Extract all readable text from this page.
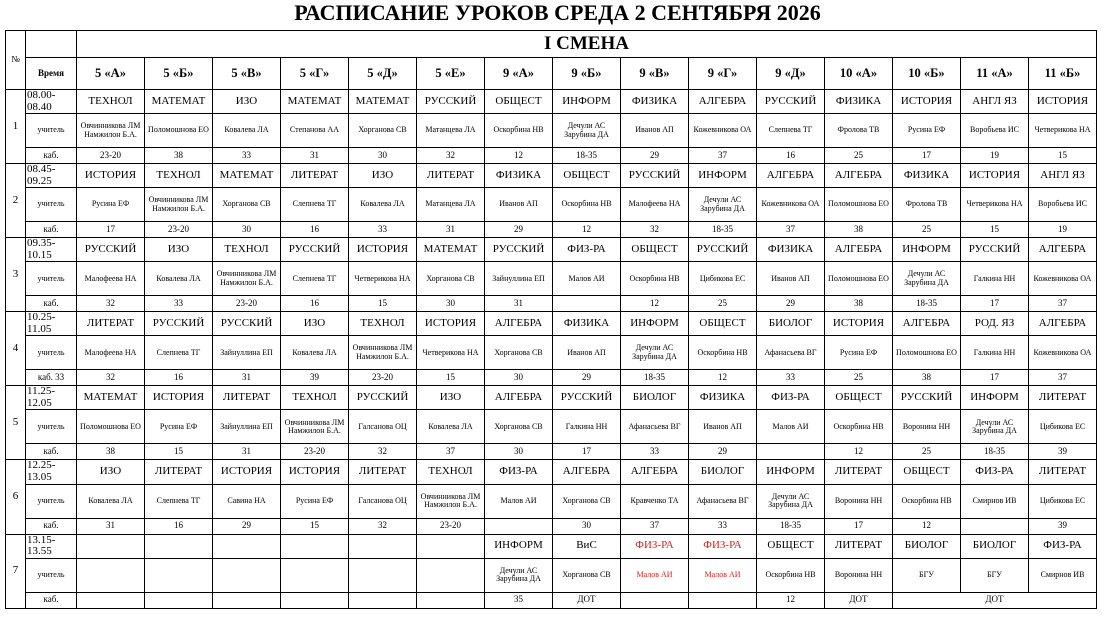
РАСПИСАНИЕ УРОКОВ СРЕДА 2 СЕНТЯБРЯ 2026
№		I СМЕНА														
	Время	5 «А»	5 «Б»	5 «В»	5 «Г»	5 «Д»	5 «Е»	9 «А»	9 «Б»	9 «В»	9 «Г»	9 «Д»	10 «А»	10 «Б»	11 «А»	11 «Б»
1	08.00-
08.40	ТЕХНОЛ	МАТЕМАТ	ИЗО	МАТЕМАТ	МАТЕМАТ	РУССКИЙ	ОБЩЕСТ	ИНФОРМ	ФИЗИКА	АЛГЕБРА	РУССКИЙ	ФИЗИКА	ИСТОРИЯ	АНГЛ ЯЗ	ИСТОРИЯ
	учитель	Овчинникова ЛМ Намжилон Б.А.	Поломошнова ЕО	Ковалева ЛА	Степанова АА	Хорганова СВ	Матанцева ЛА	Оскорбина НВ	Дечули АС Зарубина ДА	Иванов АП	Кожевникова ОА	Слепнева ТГ	Фролова ТВ	Русина ЕФ	Воробьева ИС	Четверикова НА
	каб.	23-20	38	33	31	30	32	12	18-35	29	37	16	25	17	19	15
2	08.45-
09.25	ИСТОРИЯ	ТЕХНОЛ	МАТЕМАТ	ЛИТЕРАТ	ИЗО	ЛИТЕРАТ	ФИЗИКА	ОБЩЕСТ	РУССКИЙ	ИНФОРМ	АЛГЕБРА	АЛГЕБРА	ФИЗИКА	ИСТОРИЯ	АНГЛ ЯЗ
	учитель	Русина ЕФ	Овчинникова ЛМ Намжилон Б.А.	Хорганова СВ	Слепнева ТГ	Ковалева ЛА	Матанцева ЛА	Иванов АП	Оскорбина НВ	Малофеева НА	Дечули АС Зарубина ДА	Кожевникова ОА	Поломошнова ЕО	Фролова ТВ	Четверикова НА	Воробьева ИС
	каб.	17	23-20	30	16	33	31	29	12	32	18-35	37	38	25	15	19
3	09.35-
10.15	РУССКИЙ	ИЗО	ТЕХНОЛ	РУССКИЙ	ИСТОРИЯ	МАТЕМАТ	РУССКИЙ	ФИЗ-РА	ОБЩЕСТ	РУССКИЙ	ФИЗИКА	АЛГЕБРА	ИНФОРМ	РУССКИЙ	АЛГЕБРА
	учитель	Малофеева НА	Ковалева ЛА	Овчинникова ЛМ Намжилон Б.А.	Слепнева ТГ	Четверикова НА	Хорганова СВ	Зайнуллина ЕП	Малов АИ	Оскорбина НВ	Цибикова ЕС	Иванов АП	Поломошнова ЕО	Дечули АС Зарубина ДА	Галкина НН	Кожевникова ОА
	каб.	32	33	23-20	16	15	30	31		12	25	29	38	18-35	17	37
4	10.25-
11.05	ЛИТЕРАТ	РУССКИЙ	РУССКИЙ	ИЗО	ТЕХНОЛ	ИСТОРИЯ	АЛГЕБРА	ФИЗИКА	ИНФОРМ	ОБЩЕСТ	БИОЛОГ	ИСТОРИЯ	АЛГЕБРА	РОД. ЯЗ	АЛГЕБРА
	учитель	Малофеева НА	Слепнева ТГ	Зайнуллина ЕП	Ковалева ЛА	Овчинникова ЛМ Намжилон Б.А.	Четверикова НА	Хорганова СВ	Иванов АП	Дечули АС Зарубина ДА	Оскорбина НВ	Афанасьева ВГ	Русина ЕФ	Поломошнова ЕО	Галкина НН	Кожевникова ОА
	каб. 33	32	16	31	39	23-20	15	30	29	18-35	12	33	25	38	17	37
5	11.25-
12.05	МАТЕМАТ	ИСТОРИЯ	ЛИТЕРАТ	ТЕХНОЛ	РУССКИЙ	ИЗО	АЛГЕБРА	РУССКИЙ	БИОЛОГ	ФИЗИКА	ФИЗ-РА	ОБЩЕСТ	РУССКИЙ	ИНФОРМ	ЛИТЕРАТ
	учитель	Поломошнова ЕО	Русина ЕФ	Зайнуллина ЕП	Овчинникова ЛМ Намжилон Б.А.	Галсанова ОЦ	Ковалева ЛА	Хорганова СВ	Галкина НН	Афанасьева ВГ	Иванов АП	Малов АИ	Оскорбина НВ	Воронина НН	Дечули АС Зарубина ДА	Цибикова ЕС
	каб.	38	15	31	23-20	32	37	30	17	33	29		12	25	18-35	39
6	12.25-
13.05	ИЗО	ЛИТЕРАТ	ИСТОРИЯ	ИСТОРИЯ	ЛИТЕРАТ	ТЕХНОЛ	ФИЗ-РА	АЛГЕБРА	АЛГЕБРА	БИОЛОГ	ИНФОРМ	ЛИТЕРАТ	ОБЩЕСТ	ФИЗ-РА	ЛИТЕРАТ
	учитель	Ковалева ЛА	Слепнева ТГ	Савина НА	Русина ЕФ	Галсанова ОЦ	Овчинникова ЛМ Намжилон Б.А.	Малов АИ	Хорганова СВ	Кравченко ТА	Афанасьева ВГ	Дечули АС Зарубина ДА	Воронина НН	Оскорбина НВ	Смирнов ИВ	Цибикова ЕС
	каб.	31	16	29	15	32	23-20		30	37	33	18-35	17	12		39
7	13.15-
13.55							ИНФОРМ	ВиС	ФИЗ-РА	ФИЗ-РА	ОБЩЕСТ	ЛИТЕРАТ	БИОЛОГ	БИОЛОГ	ФИЗ-РА
	учитель							Дечули АС Зарубина ДА	Хорганова СВ	Малов АИ	Малов АИ	Оскорбина НВ	Воронина НН	БГУ	БГУ	Смирнов ИВ
	каб.							35	ДОТ			12	ДОТ	ДОТ		
